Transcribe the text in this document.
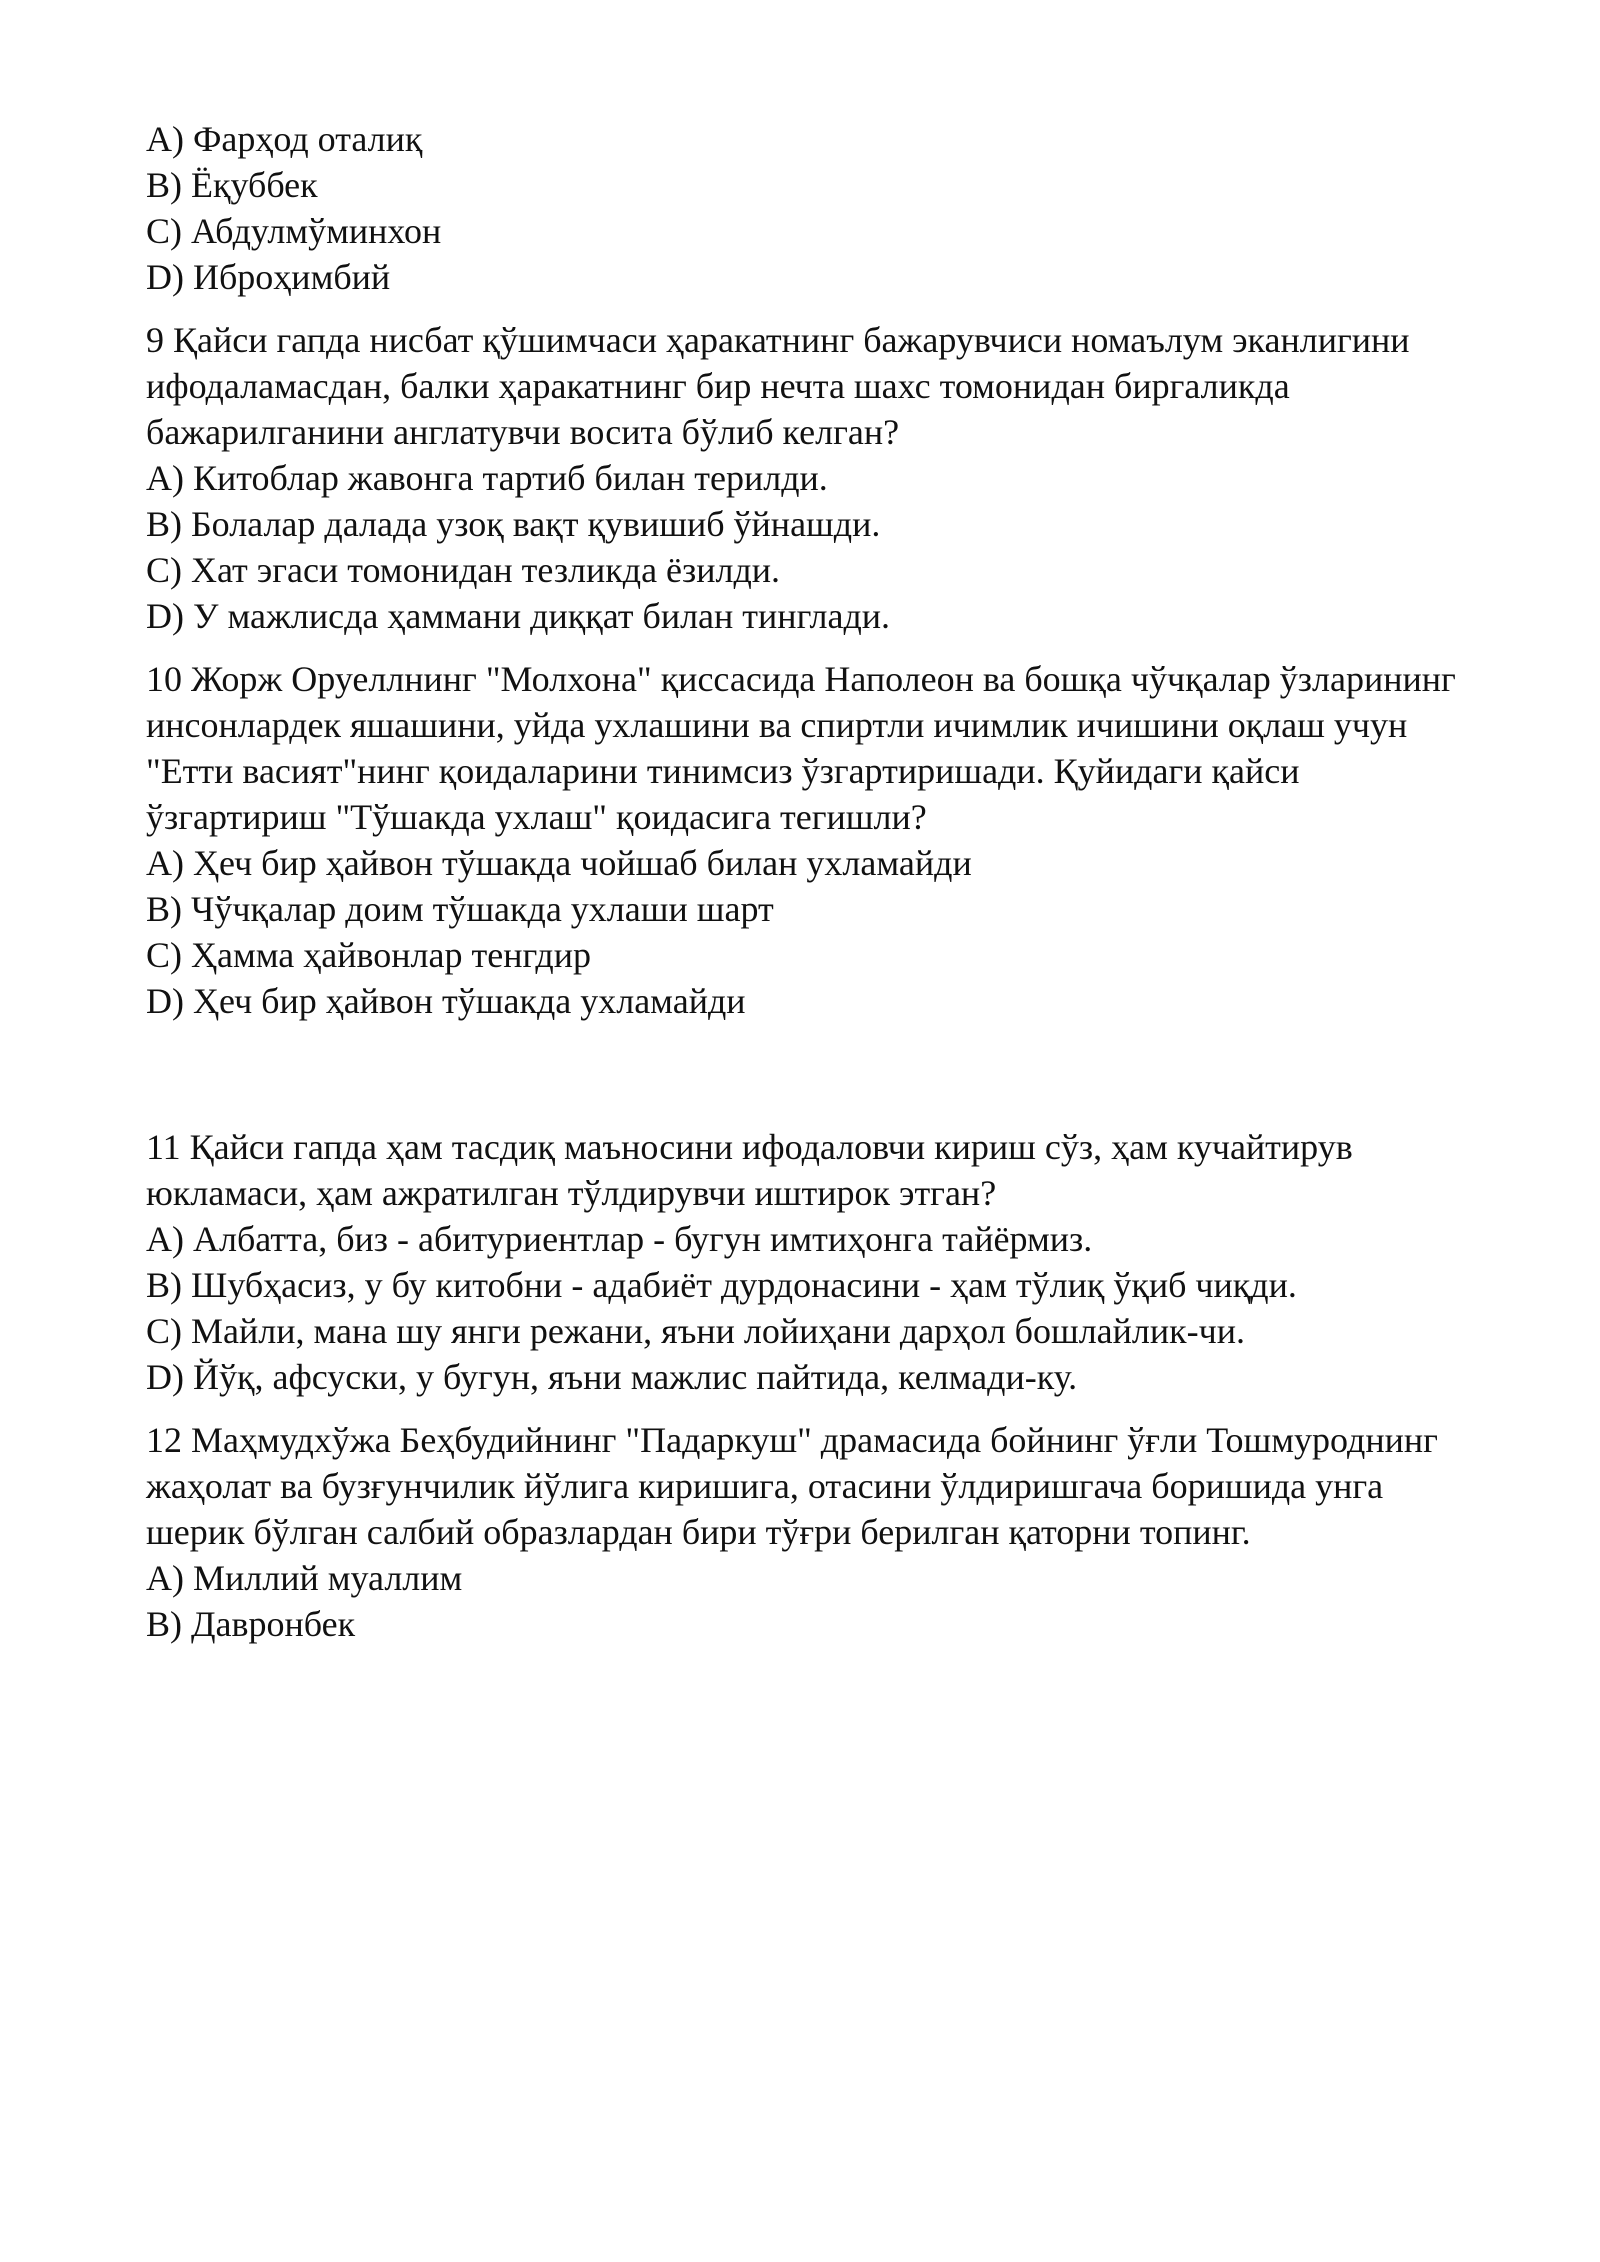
A) Фарҳод оталиқ
B) Ёқуббек
C) Абдулмўминхон
D) Иброҳимбий

9 Қайси гапда нисбат қўшимчаси ҳаракатнинг бажарувчиси номаълум эканлигини ифодаламасдан, балки ҳаракатнинг бир нечта шахс томонидан биргаликда бажарилганини англатувчи восита бўлиб келган?

A) Китоблар жавонга тартиб билан терилди.
B) Болалар далада узоқ вақт қувишиб ўйнашди.
C) Хат эгаси томонидан тезликда ёзилди.
D) У мажлисда ҳаммани диққат билан тинглади.

10 Жорж Оруеллнинг "Молхона" қиссасида Наполеон ва бошқа чўчқалар ўзларининг инсонлардек яшашини, уйда ухлашини ва спиртли ичимлик ичишини оқлаш учун "Етти васият"нинг қоидаларини тинимсиз ўзгартиришади. Қуйидаги қайси ўзгартириш "Тўшакда ухлаш" қоидасига тегишли?

A) Ҳеч бир ҳайвон тўшакда чойшаб билан ухламайди
B) Чўчқалар доим тўшакда ухлаши шарт
C) Ҳамма ҳайвонлар тенгдир
D) Ҳеч бир ҳайвон тўшакда ухламайди

11 Қайси гапда ҳам тасдиқ маъносини ифодаловчи кириш сўз, ҳам кучайтирув юкламаси, ҳам ажратилган тўлдирувчи иштирок этган?

A) Албатта, биз - абитуриентлар - бугун имтиҳонга тайёрмиз.
B) Шубҳасиз, у бу китобни - адабиёт дурдонасини - ҳам тўлиқ ўқиб чиқди.
C) Майли, мана шу янги режани, яъни лойиҳани дарҳол бошлайлик-чи.
D) Йўқ, афсуски, у бугун, яъни мажлис пайтида, келмади-ку.

12 Маҳмудхўжа Беҳбудийнинг "Падаркуш" драмасида бойнинг ўғли Тошмуроднинг жаҳолат ва бузғунчилик йўлига киришига, отасини ўлдиришгача боришида унга шерик бўлган салбий образлардан бири тўғри берилган қаторни топинг.

A) Миллий муаллим
B) Давронбек
